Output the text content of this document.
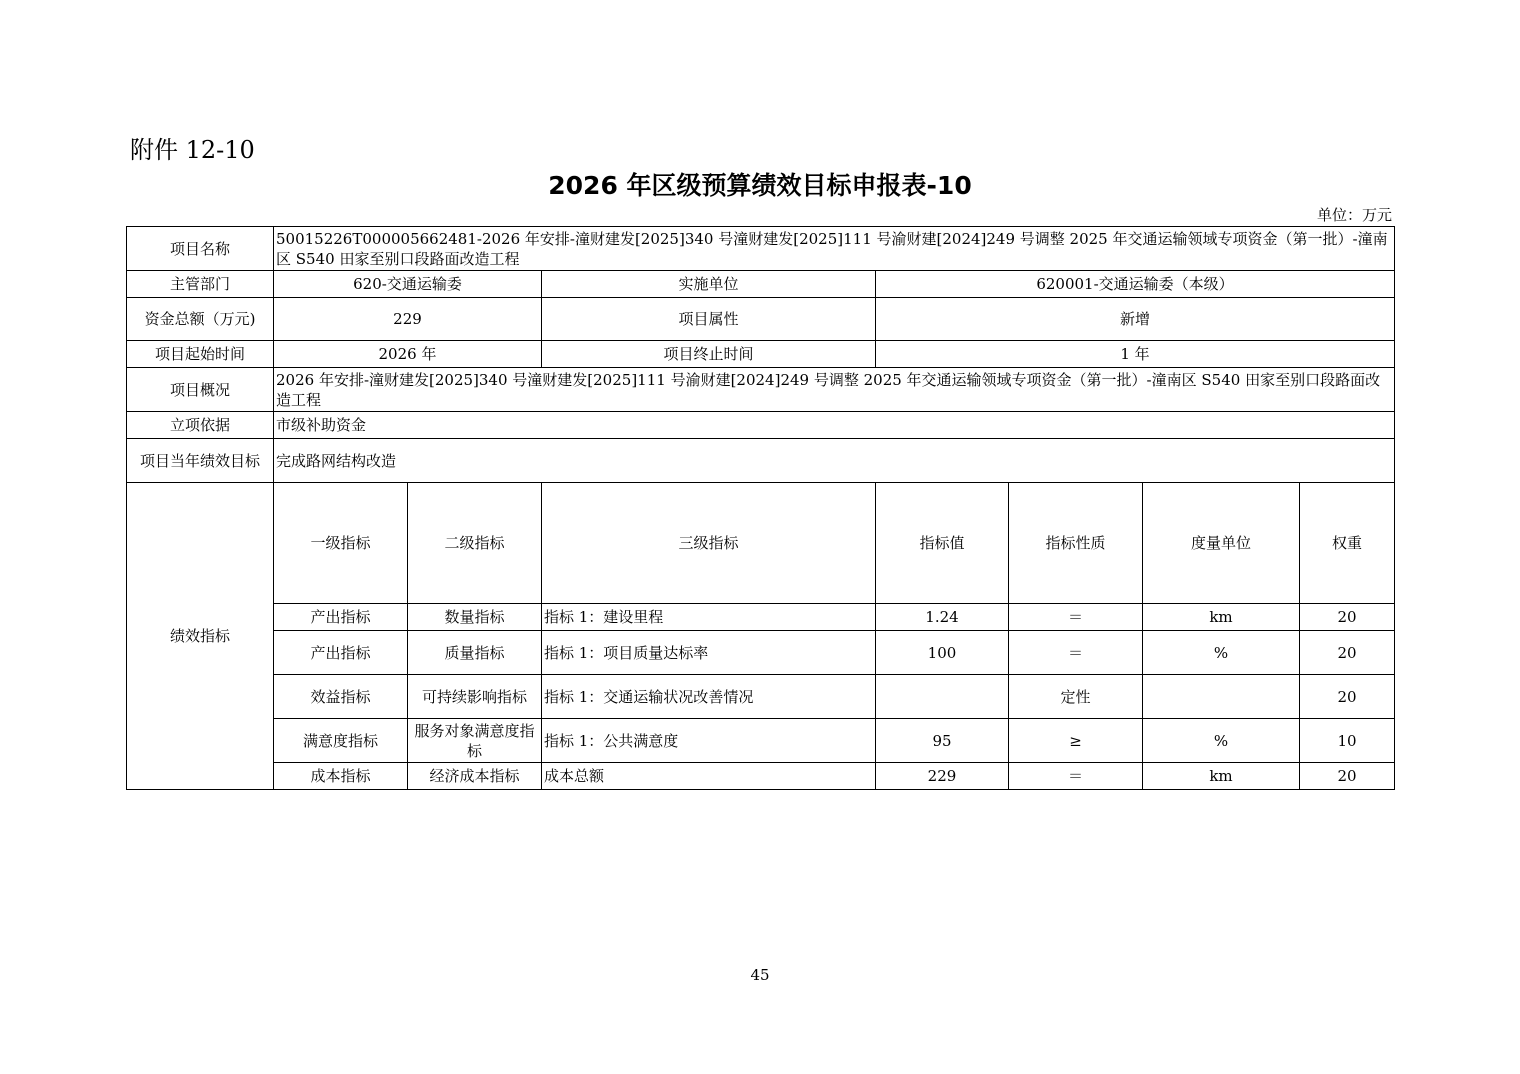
附件 12-10
2026 年区级预算绩效目标申报表-10
单位：万元
项目名称	50015226T000005662481-2026 年安排-潼财建发[2025]340 号潼财建发[2025]111 号渝财建[2024]249 号调整 2025 年交通运输领域专项资金（第一批）-潼南区 S540 田家至别口段路面改造工程							
主管部门	620-交通运输委		实施单位	620001-交通运输委（本级）				
资金总额（万元)	229		项目属性	新增				
项目起始时间	2026 年		项目终止时间	1 年				
项目概况	2026 年安排-潼财建发[2025]340 号潼财建发[2025]111 号渝财建[2024]249 号调整 2025 年交通运输领域专项资金（第一批）-潼南区 S540 田家至别口段路面改造工程							
立项依据	市级补助资金							
项目当年绩效目标	完成路网结构改造							
绩效指标	一级指标	二级指标	三级指标	指标值	指标性质	度量单位	权重	
	产出指标	数量指标	指标 1：建设里程	1.24	＝	km	20	
	产出指标	质量指标	指标 1：项目质量达标率	100	＝	%	20	
	效益指标	可持续影响指标	指标 1：交通运输状况改善情况		定性		20	
	满意度指标	服务对象满意度指标	指标 1：公共满意度	95	≥	%	10	
	成本指标	经济成本指标	成本总额	229	＝	km	20	
45
